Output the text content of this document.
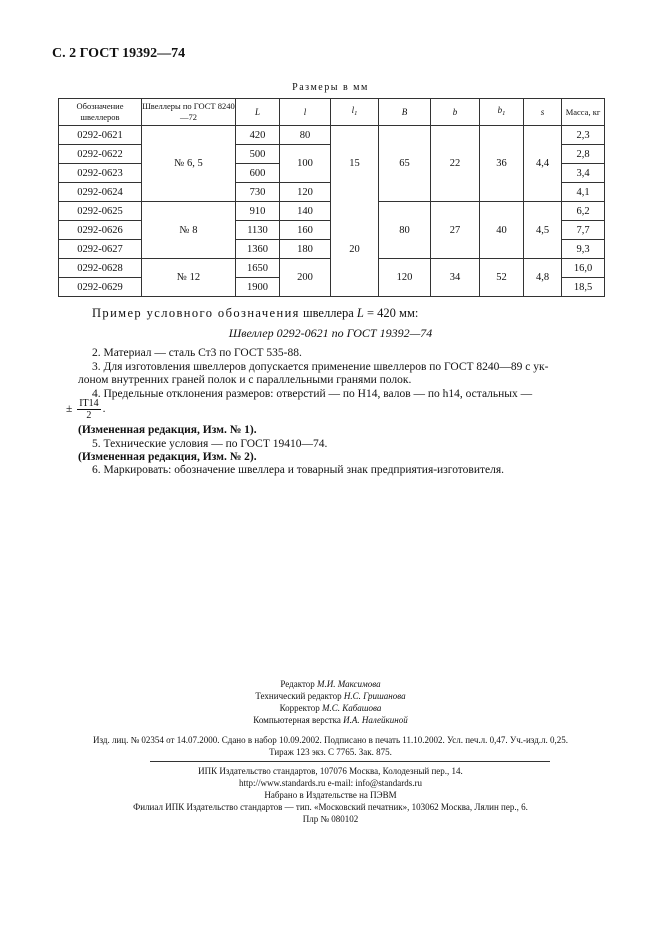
С. 2 ГОСТ 19392—74
Размеры в мм
Обозначение швеллеров	Швеллеры по ГОСТ 8240—72	L	l	$l_1$	B	b	$b_1$	s	Масса, кг
0292-0621	№ 6, 5	420	80	15	65	22	36	4,4	2,3
0292-0622		500	100						2,8
0292-0623		600							3,4
0292-0624		730	120						4,1
0292-0625	№ 8	910	140	20	80	27	40	4,5	6,2
0292-0626		1130	160						7,7
0292-0627		1360	180						9,3
0292-0628	№ 12	1650	200		120	34	52	4,8	16,0
0292-0629		1900							18,5
Пример условного обозначения швеллера L = 420 мм:
Швеллер 0292-0621 по ГОСТ 19392—74
2. Материал — сталь Ст3 по ГОСТ 535-88.
3. Для изготовления швеллеров допускается применение швеллеров по ГОСТ 8240—89 с ук-
лоном внутренних граней полок и с параллельными гранями полок.
4. Предельные отклонения размеров: отверстий — по Н14, валов — по h14, остальных —
± $\frac{IT14}{2}$ .
(Измененная редакция, Изм. № 1).
5. Технические условия — по ГОСТ 19410—74.
(Измененная редакция, Изм. № 2).
6. Маркировать: обозначение швеллера и товарный знак предприятия-изготовителя.
Редактор М.И. Максимова
Технический редактор Н.С. Гришанова
Корректор М.С. Кабашова
Компьютерная верстка И.А. Налейкиной
Изд. лиц. № 02354 от 14.07.2000. Сдано в набор 10.09.2002. Подписано в печать 11.10.2002. Усл. печ.л. 0,47. Уч.-изд.л. 0,25.
Тираж 123 экз. С 7765. Зак. 875.
ИПК Издательство стандартов, 107076 Москва, Колодезный пер., 14.
http://www.standards.ru e-mail: info@standards.ru
Набрано в Издательстве на ПЭВМ
Филиал ИПК Издательство стандартов — тип. «Московский печатник», 103062 Москва, Лялин пер., 6.
Плр № 080102
